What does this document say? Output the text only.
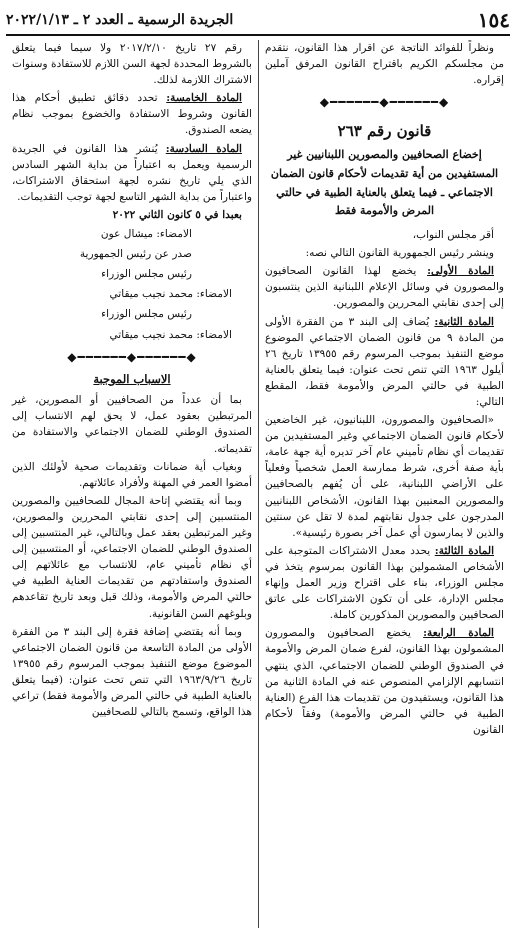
١٥٤
الجريدة الرسمية ـ العدد ٢ ـ ٢٠٢٢/١/١٣

ونظراً للفوائد الناتجة عن اقرار هذا القانون، نتقدم من مجلسكم الكريم باقتراح القانون المرفق آملين إقراره.

◆━━━━━━◆━━━━━━◆
قانون رقم ٢٦٣

إخضاع الصحافيين والمصورين اللبنانيين غير المستفيدين من أية تقديمات لأحكام قانون الضمان الاجتماعي ـ فيما يتعلق بالعناية الطبية في حالتي المرض والأمومة فقط

أقر مجلس النواب،

وينشر رئيس الجمهورية القانون التالي نصه:

المادة الأولى: يخضع لهذا القانون الصحافيون والمصورون في وسائل الإعلام اللبنانية الذين ينتسبون إلى إحدى نقابتي المحررين والمصورين.

المادة الثانية: يُضاف إلى البند ٣ من الفقرة الأولى من المادة ٩ من قانون الضمان الاجتماعي الموضوع موضع التنفيذ بموجب المرسوم رقم ١٣٩٥٥ تاريخ ٢٦ أيلول ١٩٦٣ التي تنص تحت عنوان: فيما يتعلق بالعناية الطبية في حالتي المرض والأمومة فقط، المقطع التالي:

«الصحافيون والمصورون، اللبنانيون، غير الخاضعين لأحكام قانون الضمان الاجتماعي وغير المستفيدين من تقديمات أي نظام تأميني عام آخر تديره أية جهة عامة، بأية صفة أخرى، شرط ممارسة العمل شخصياً وفعلياً على الأراضي اللبنانية، على أن يُفهم بالصحافيين والمصورين المعنيين بهذا القانون، الأشخاص اللبنانيين المدرجون على جدول نقابتهم لمدة لا تقل عن سنتين والذين لا يمارسون أي عمل آخر بصورة رئيسية».

المادة الثالثة: يحدد معدل الاشتراكات المتوجبة على الأشخاص المشمولين بهذا القانون بمرسوم يتخذ في مجلس الوزراء، بناء على اقتراح وزير العمل وإنهاء مجلس الإدارة، على أن تكون الاشتراكات على عاتق الصحافيين والمصورين المذكورين كاملة.

المادة الرابعة: يخضع الصحافيون والمصورون المشمولون بهذا القانون، لفرع ضمان المرض والأمومة في الصندوق الوطني للضمان الاجتماعي، الذي ينتهي انتسابهم الإلزامي المنصوص عنه في المادة الثانية من هذا القانون، ويستفيدون من تقديمات هذا الفرع (العناية الطبية في حالتي المرض والأمومة) وفقاً لأحكام القانون

رقم ٢٧ تاريخ ٢٠١٧/٢/١٠ ولا سيما فيما يتعلق بالشروط المحددة لجهة السن اللازم للاستفادة وسنوات الاشتراك اللازمة لذلك.

المادة الخامسة: تحدد دقائق تطبيق أحكام هذا القانون وشروط الاستفادة والخضوع بموجب نظام يضعه الصندوق.

المادة السادسة: يُنشر هذا القانون في الجريدة الرسمية ويعمل به اعتباراً من بداية الشهر السادس الذي يلي تاريخ نشره لجهة استحقاق الاشتراكات، واعتباراً من بداية الشهر التاسع لجهة توجب التقديمات.

بعبدا في ٥ كانون الثاني ٢٠٢٢

الامضاء: ميشال عون

صدر عن رئيس الجمهورية

رئيس مجلس الوزراء

الامضاء: محمد نجيب ميقاتي

رئيس مجلس الوزراء

الامضاء: محمد نجيب ميقاتي

◆━━━━━━◆━━━━━━◆
الاسباب الموجبة

بما أن عدداً من الصحافيين أو المصورين، غير المرتبطين بعقود عمل، لا يحق لهم الانتساب إلى الصندوق الوطني للضمان الاجتماعي والاستفادة من تقديماته.

وبغياب أية ضمانات وتقديمات صحية لأولئك الذين أمضوا العمر في المهنة ولأفراد عائلاتهم.

وبما أنه يقتضي إتاحة المجال للصحافيين والمصورين المنتسبين إلى إحدى نقابتي المحررين والمصورين، وغير المرتبطين بعقد عمل وبالتالي، غير المنتسبين إلى الصندوق الوطني للضمان الاجتماعي، أو المنتسبين إلى أي نظام تأميني عام، للانتساب مع عائلاتهم إلى الصندوق واستفادتهم من تقديمات العناية الطبية في حالتي المرض والأمومة، وذلك قبل وبعد تاريخ تقاعدهم وبلوغهم السن القانونية.

وبما أنه يقتضي إضافة فقرة إلى البند ٣ من الفقرة الأولى من المادة التاسعة من قانون الضمان الاجتماعي الموضوع موضع التنفيذ بموجب المرسوم رقم ١٣٩٥٥ تاريخ ١٩٦٣/٩/٢٦ التي تنص تحت عنوان: (فيما يتعلق بالعناية الطبية في حالتي المرض والأمومة فقط) تراعي هذا الواقع، وتسمح بالتالي للصحافيين
